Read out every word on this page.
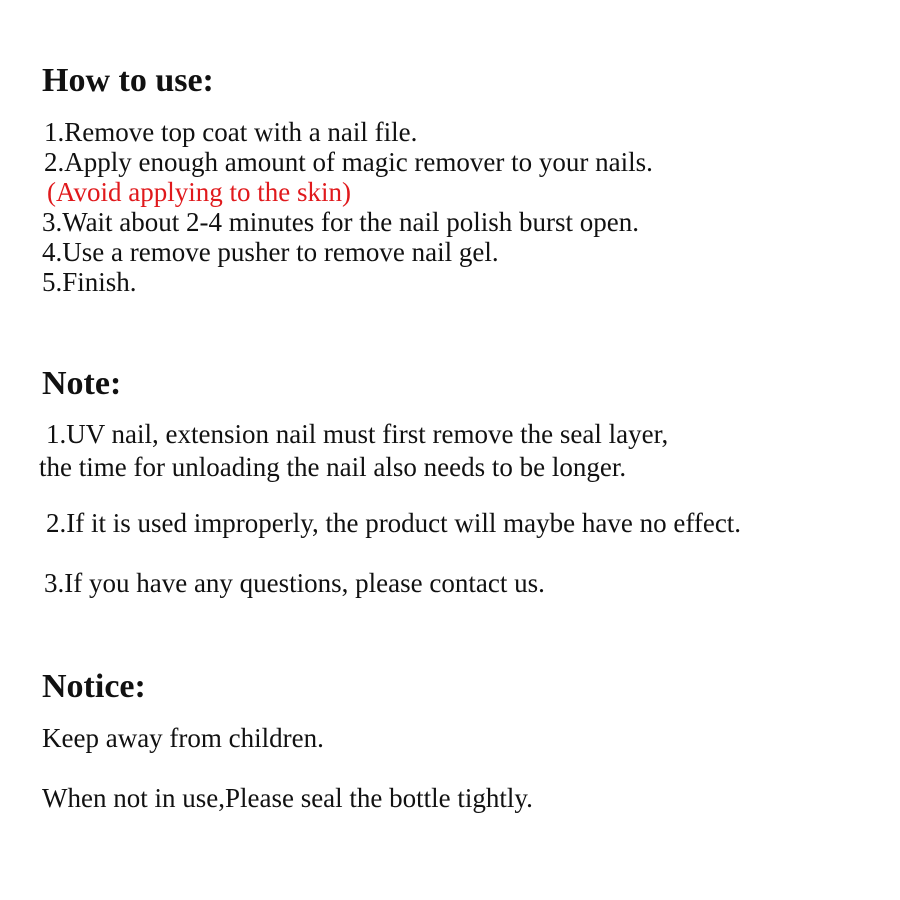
How to use:

1.Remove top coat with a nail file.

2.Apply enough amount of magic remover to your nails.

(Avoid applying to the skin)

3.Wait about 2-4 minutes for the nail polish burst open.

4.Use a remove pusher to remove nail gel.

5.Finish.

Note:

1.UV nail, extension nail must first remove the seal layer,

the time for unloading the nail also needs to be longer.

2.If it is used improperly, the product will maybe have no effect.

3.If you have any questions, please contact us.

Notice:

Keep away from children.

When not in use,Please seal the bottle tightly.
